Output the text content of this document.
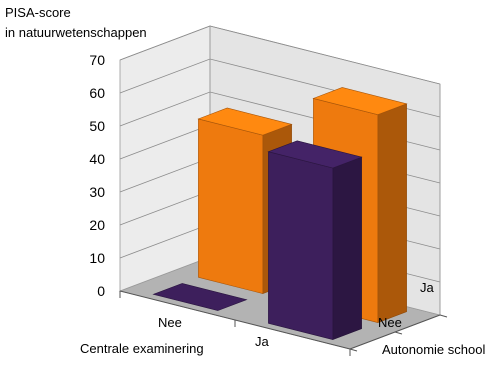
PISA-score
in natuurwetenschappen
Centrale examinering	Autonomie school
Nee
Ja
Nee
Ja
0
10
20
30
40
50
60
70
